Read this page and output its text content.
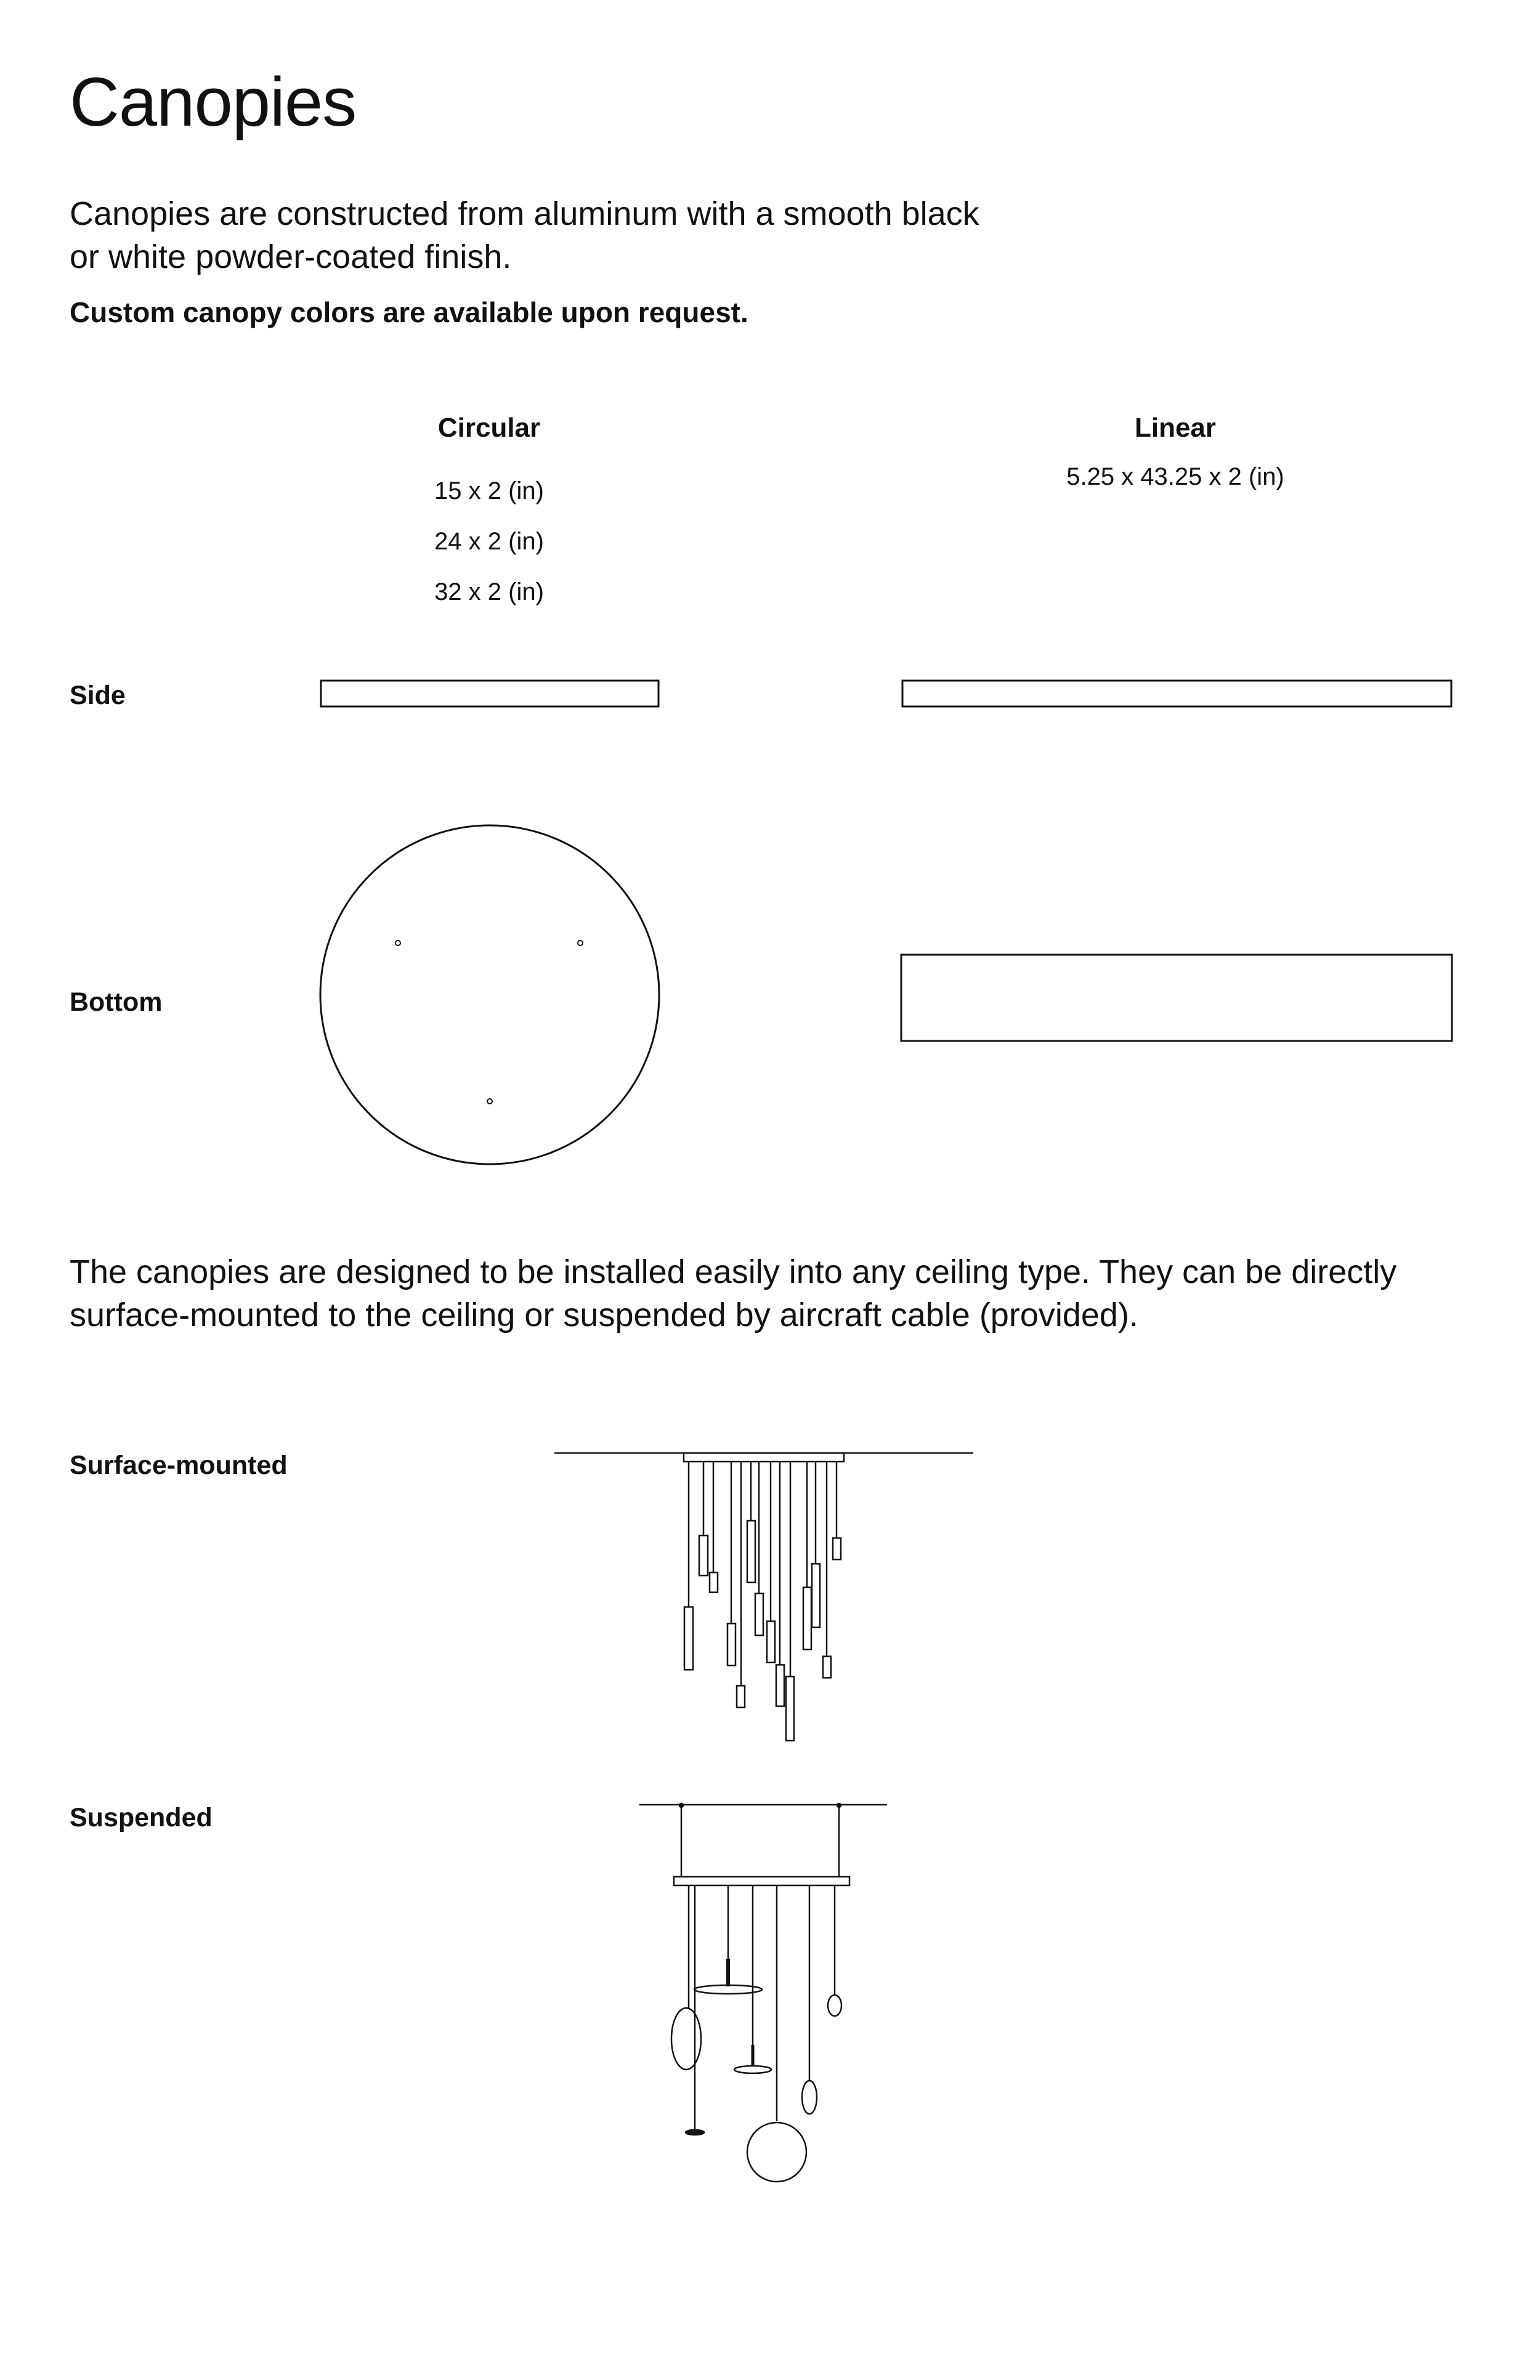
Canopies
Canopies are constructed from aluminum with a smooth black
or white powder-coated finish.
Custom canopy colors are available upon request.
Circular
15 x 2 (in)
24 x 2 (in)
32 x 2 (in)
Linear
5.25 x 43.25 x 2 (in)
Side
Bottom
The canopies are designed to be installed easily into any ceiling type. They can be directly
surface-mounted to the ceiling or suspended by aircraft cable (provided).
Surface-mounted
Suspended
